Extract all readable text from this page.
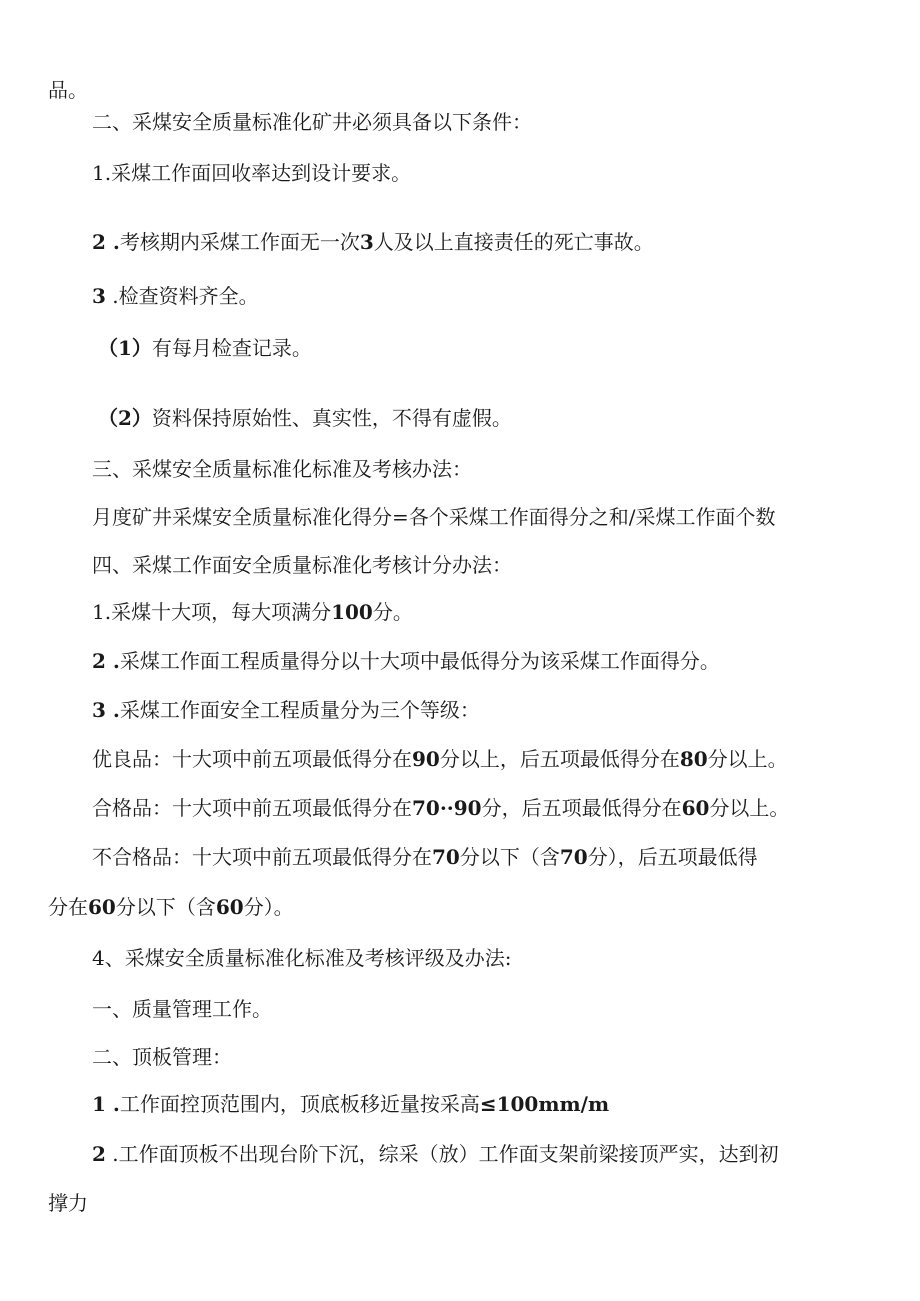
品。

二、采煤安全质量标准化矿井必须具备以下条件：

1.采煤工作面回收率达到设计要求。

2 .考核期内采煤工作面无一次3人及以上直接责任的死亡事故。

3 .检查资料齐全。

（1）有每月检查记录。

（2）资料保持原始性、真实性，不得有虚假。

三、采煤安全质量标准化标准及考核办法：

月度矿井采煤安全质量标准化得分=各个采煤工作面得分之和/采煤工作面个数

四、采煤工作面安全质量标准化考核计分办法：

1.采煤十大项，每大项满分100分。

2 .采煤工作面工程质量得分以十大项中最低得分为该采煤工作面得分。

3 .采煤工作面安全工程质量分为三个等级：

优良品：十大项中前五项最低得分在90分以上，后五项最低得分在80分以上。

合格品：十大项中前五项最低得分在70··90分，后五项最低得分在60分以上。

不合格品：十大项中前五项最低得分在70分以下（含70分），后五项最低得

分在60分以下（含60分）。

4、采煤安全质量标准化标准及考核评级及办法:

一、质量管理工作。

二、顶板管理：

1 .工作面控顶范围内，顶底板移近量按采高≤100mm∕m

2 .工作面顶板不出现台阶下沉，综采（放）工作面支架前梁接顶严实，达到初

撑力
